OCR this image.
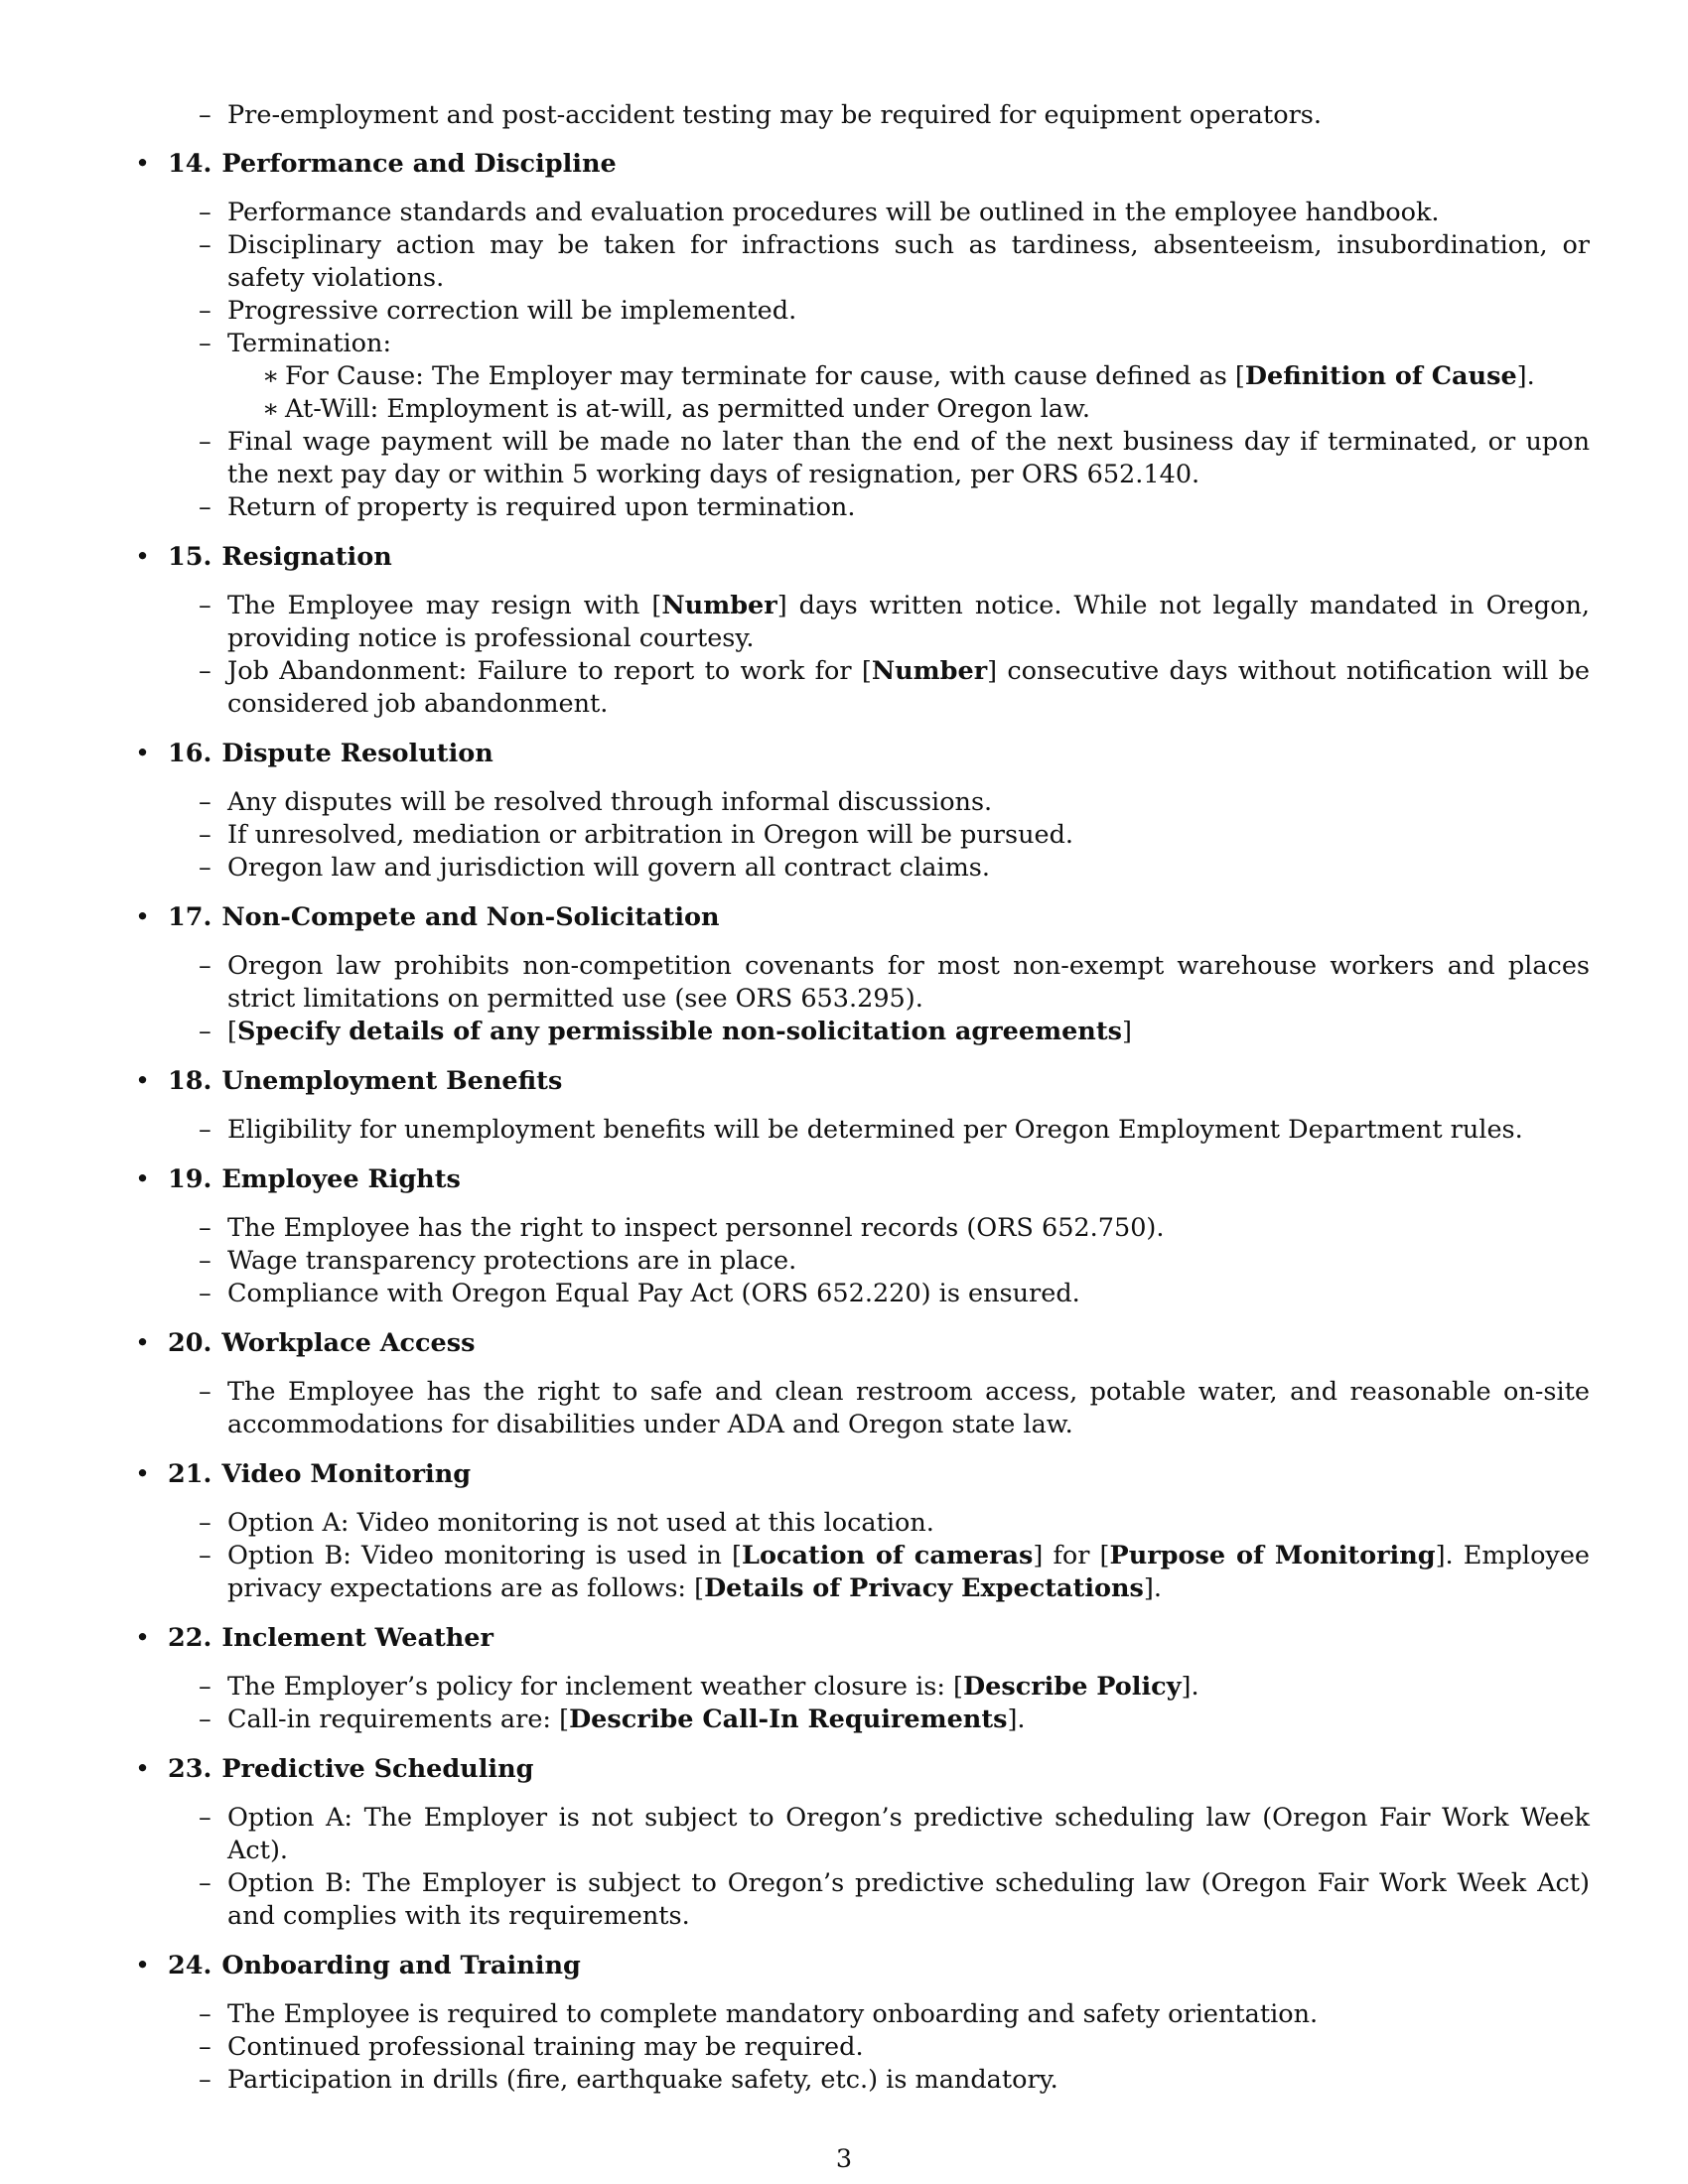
– Pre-employment and post-accident testing may be required for equipment operators.
• 14. Performance and Discipline
– Performance standards and evaluation procedures will be outlined in the employee handbook.
– Disciplinary action may be taken for infractions such as tardiness, absenteeism, insubordination, or safety violations.
– Progressive correction will be implemented.
– Termination:
∗ For Cause: The Employer may terminate for cause, with cause defined as [Definition of Cause].
∗ At-Will: Employment is at-will, as permitted under Oregon law.
– Final wage payment will be made no later than the end of the next business day if terminated, or upon the next pay day or within 5 working days of resignation, per ORS 652.140.
– Return of property is required upon termination.
• 15. Resignation
– The Employee may resign with [Number] days written notice. While not legally mandated in Oregon, providing notice is professional courtesy.
– Job Abandonment: Failure to report to work for [Number] consecutive days without notification will be considered job abandonment.
• 16. Dispute Resolution
– Any disputes will be resolved through informal discussions.
– If unresolved, mediation or arbitration in Oregon will be pursued.
– Oregon law and jurisdiction will govern all contract claims.
• 17. Non-Compete and Non-Solicitation
– Oregon law prohibits non-competition covenants for most non-exempt warehouse workers and places strict limitations on permitted use (see ORS 653.295).
– [Specify details of any permissible non-solicitation agreements]
• 18. Unemployment Benefits
– Eligibility for unemployment benefits will be determined per Oregon Employment Department rules.
• 19. Employee Rights
– The Employee has the right to inspect personnel records (ORS 652.750).
– Wage transparency protections are in place.
– Compliance with Oregon Equal Pay Act (ORS 652.220) is ensured.
• 20. Workplace Access
– The Employee has the right to safe and clean restroom access, potable water, and reasonable on-site accommodations for disabilities under ADA and Oregon state law.
• 21. Video Monitoring
– Option A: Video monitoring is not used at this location.
– Option B: Video monitoring is used in [Location of cameras] for [Purpose of Monitoring]. Employee privacy expectations are as follows: [Details of Privacy Expectations].
• 22. Inclement Weather
– The Employer’s policy for inclement weather closure is: [Describe Policy].
– Call-in requirements are: [Describe Call-In Requirements].
• 23. Predictive Scheduling
– Option A: The Employer is not subject to Oregon’s predictive scheduling law (Oregon Fair Work Week Act).
– Option B: The Employer is subject to Oregon’s predictive scheduling law (Oregon Fair Work Week Act) and complies with its requirements.
• 24. Onboarding and Training
– The Employee is required to complete mandatory onboarding and safety orientation.
– Continued professional training may be required.
– Participation in drills (fire, earthquake safety, etc.) is mandatory.
3
